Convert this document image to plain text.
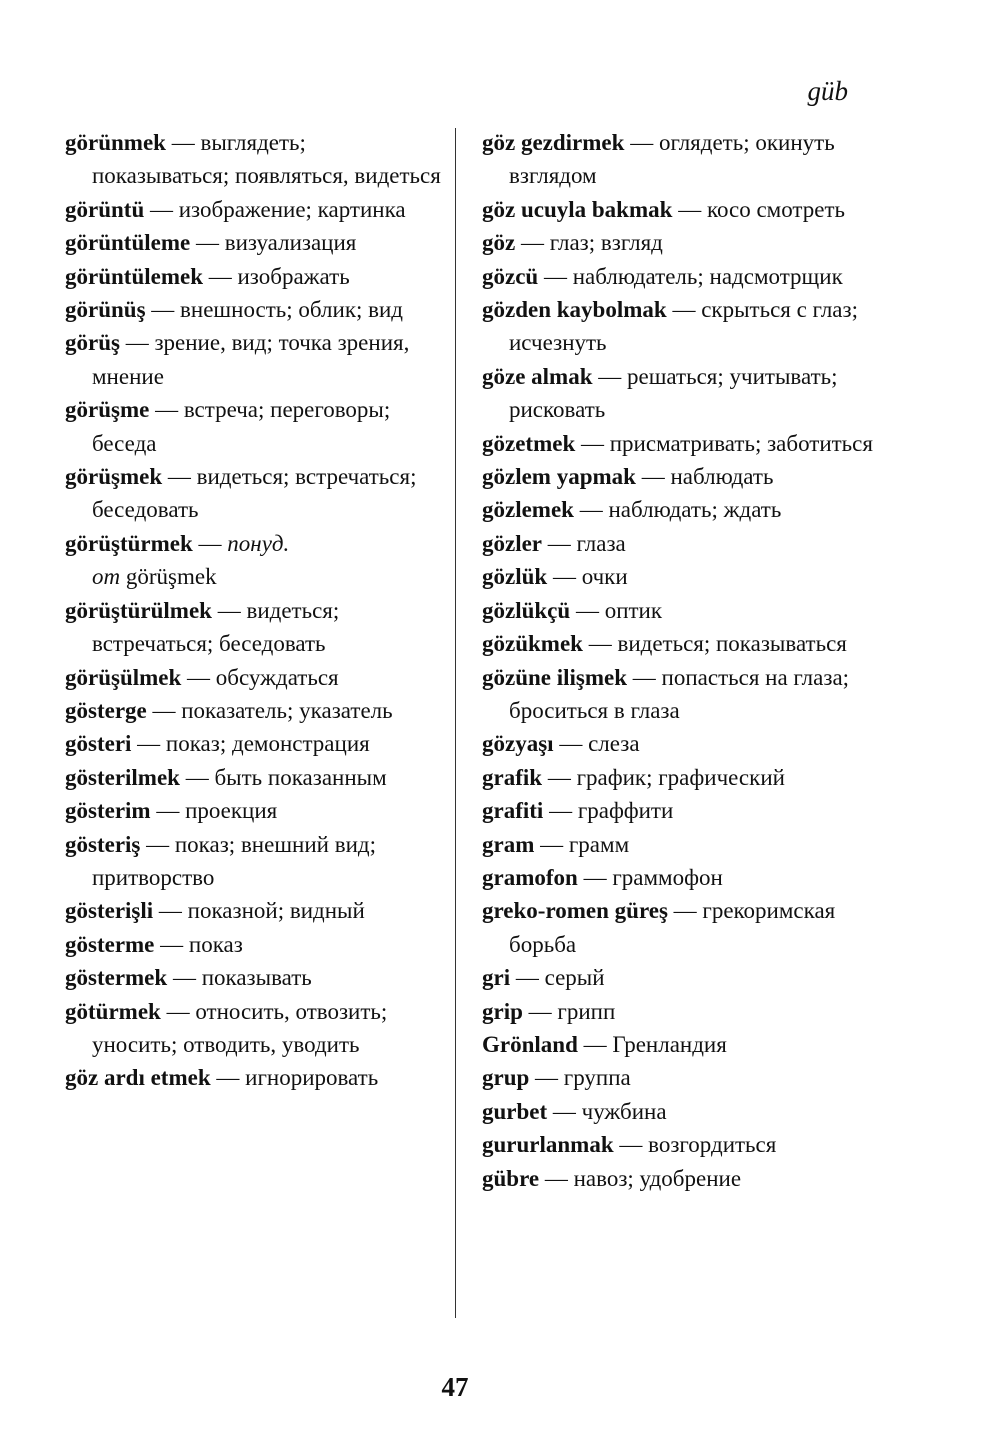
güb

görünmek — выглядеть; показываться; появляться, видеться

görüntü — изображение; картинка

görüntüleme — визуализация

görüntülemek — изображать

görünüş — внешность; облик; вид

görüş — зрение, вид; точка зрения, мнение

görüşme — встреча; переговоры; беседа

görüşmek — видеться; встречаться; беседовать

görüştürmek — понуд.
от görüşmek

görüştürülmek — видеться; встречаться; беседовать

görüşülmek — обсуждаться

gösterge — показатель; указатель

gösteri — показ; демонстрация

gösterilmek — быть показанным

gösterim — проекция

gösteriş — показ; внешний вид; притворство

gösterişli — показной; видный

gösterme — показ

göstermek — показывать

götürmek — относить, отвозить; уносить; отводить, уводить

göz ardı etmek — игнорировать

göz gezdirmek — оглядеть; окинуть взглядом

göz ucuyla bakmak — косо смотреть

göz — глаз; взгляд

gözcü — наблюдатель; надсмотрщик

gözden kaybolmak — скрыться с глаз; исчезнуть

göze almak — решаться; учитывать; рисковать

gözetmek — присматривать; заботиться

gözlem yapmak — наблюдать

gözlemek — наблюдать; ждать

gözler — глаза

gözlük — очки

gözlükçü — оптик

gözükmek — видеться; показываться

gözüne ilişmek — попасться на глаза; броситься в глаза

gözyaşı — слеза

grafik — график; графический

grafiti — граффити

gram — грамм

gramofon — граммофон

greko-romen güreş — грекоримская борьба

gri — серый

grip — грипп

Grönland — Гренландия

grup — группа

gurbet — чужбина

gururlanmak — возгордиться

gübre — навоз; удобрение

47
